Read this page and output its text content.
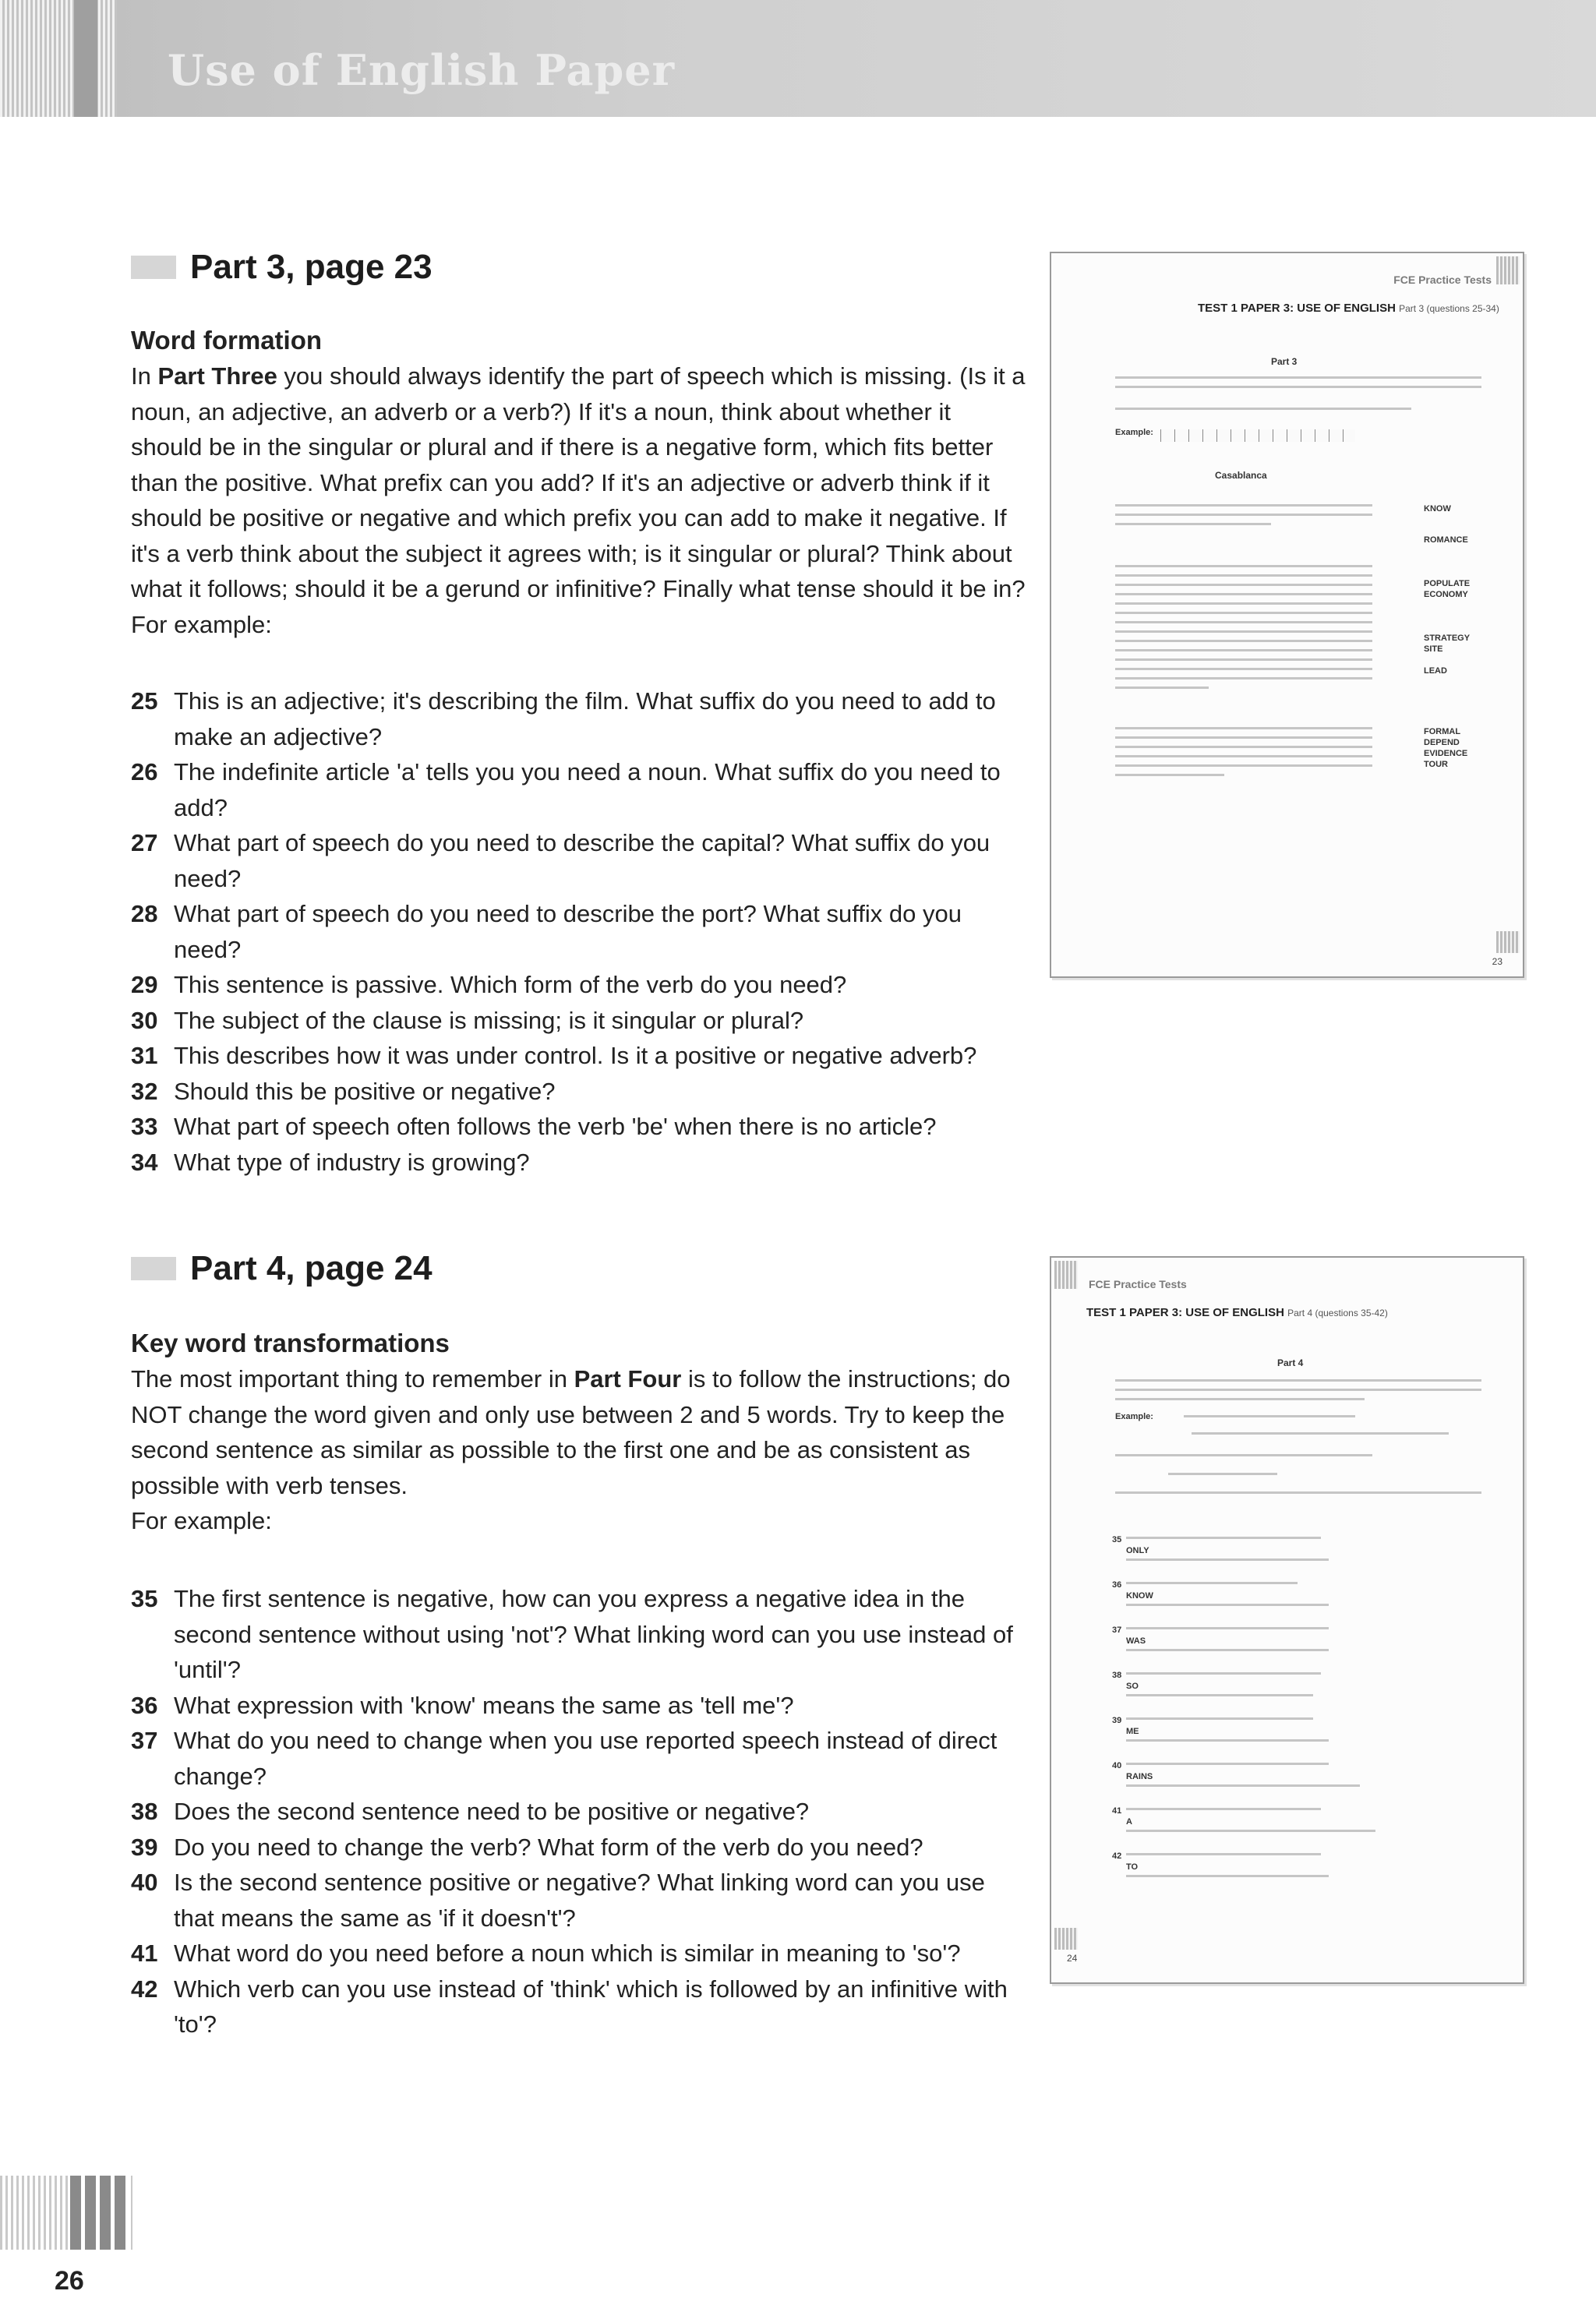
Use of English Paper
Part 3, page 23
Word formation

In Part Three you should always identify the part of speech which is missing. (Is it a noun, an adjective, an adverb or a verb?) If it's a noun, think about whether it should be in the singular or plural and if there is a negative form, which fits better than the positive. What prefix can you add? If it's an adjective or adverb think if it should be positive or negative and which prefix you can add to make it negative. If it's a verb think about the subject it agrees with; is it singular or plural? Think about what it follows; should it be a gerund or infinitive? Finally what tense should it be in? For example:

25 This is an adjective; it's describing the film. What suffix do you need to add to make an adjective?
26 The indefinite article 'a' tells you you need a noun. What suffix do you need to add?
27 What part of speech do you need to describe the capital? What suffix do you need?
28 What part of speech do you need to describe the port? What suffix do you need?
29 This sentence is passive. Which form of the verb do you need?
30 The subject of the clause is missing; is it singular or plural?
31 This describes how it was under control. Is it a positive or negative adverb?
32 Should this be positive or negative?
33 What part of speech often follows the verb 'be' when there is no article?
34 What type of industry is growing?
Part 4, page 24
Key word transformations

The most important thing to remember in Part Four is to follow the instructions; do NOT change the word given and only use between 2 and 5 words. Try to keep the second sentence as similar as possible to the first one and be as consistent as possible with verb tenses.

For example:

35 The first sentence is negative, how can you express a negative idea in the second sentence without using 'not'? What linking word can you use instead of 'until'?
36 What expression with 'know' means the same as 'tell me'?
37 What do you need to change when you use reported speech instead of direct change?
38 Does the second sentence need to be positive or negative?
39 Do you need to change the verb? What form of the verb do you need?
40 Is the second sentence positive or negative? What linking word can you use that means the same as 'if it doesn't'?
41 What word do you need before a noun which is similar in meaning to 'so'?
42 Which verb can you use instead of 'think' which is followed by an infinitive with 'to'?
FCE Practice Tests
TEST 1 PAPER 3: USE OF ENGLISH Part 3 (questions 25-34)
Part 3
Example:
Casablanca
KNOW
ROMANCE
POPULATE
ECONOMY
STRATEGY
SITE
LEAD
FORMAL
DEPEND
EVIDENCE
TOUR
23
FCE Practice Tests
TEST 1 PAPER 3: USE OF ENGLISH Part 4 (questions 35-42)
Part 4
Example:
35
ONLY
36
KNOW
37
WAS
38
SO
39
ME
40
RAINS
41
A
42
TO
24
26
